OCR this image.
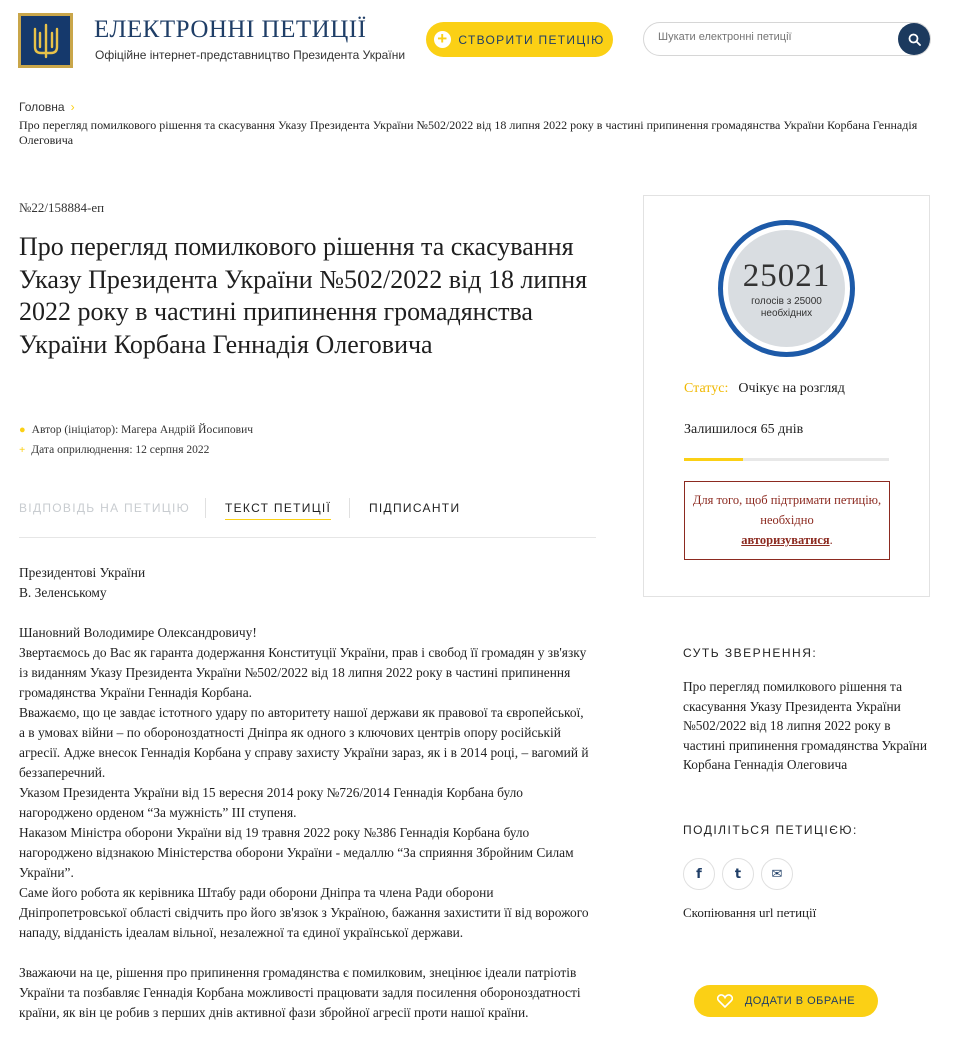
ЕЛЕКТРОННІ ПЕТИЦІЇ
Офіційне інтернет-представництво Президента України
+ СТВОРИТИ ПЕТИЦІЮ
Шукати електронні петиції
Головна ›
Про перегляд помилкового рішення та скасування Указу Президента України №502/2022 від 18 липня 2022 року в частині припинення громадянства України Корбана Геннадія Олеговича
№22/158884-еп
Про перегляд помилкового рішення та скасування Указу Президента України №502/2022 від 18 липня 2022 року в частині припинення громадянства України Корбана Геннадія Олеговича
● Автор (ініціатор): Магера Андрій Йосипович
+ Дата оприлюднення: 12 серпня 2022
ВІДПОВІДЬ НА ПЕТИЦІЮ	ТЕКСТ ПЕТИЦІЇ	ПІДПИСАНТИ

Президентові України

В. Зеленському

Шановний Володимире Олександровичу!

Звертаємось до Вас як гаранта додержання Конституції України, прав і свобод її громадян у зв'язку із виданням Указу Президента України №502/2022 від 18 липня 2022 року в частині припинення громадянства України Геннадія Корбана.

Вважаємо, що це завдає істотного удару по авторитету нашої держави як правової та європейської, а в умовах війни – по обороноздатності Дніпра як одного з ключових центрів опору російській агресії. Адже внесок Геннадія Корбана у справу захисту України зараз, як і в 2014 році, – вагомий й беззаперечний.

Указом Президента України від 15 вересня 2014 року №726/2014 Геннадія Корбана було нагороджено орденом “За мужність” ІІІ ступеня.

Наказом Міністра оборони України від 19 травня 2022 року №386 Геннадія Корбана було нагороджено відзнакою Міністерства оборони України - медаллю “За сприяння Збройним Силам України”.

Саме його робота як керівника Штабу ради оборони Дніпра та члена Ради оборони Дніпропетровської області свідчить про його зв'язок з Україною, бажання захистити її від ворожого нападу, відданість ідеалам вільної, незалежної та єдиної української держави.

Зважаючи на це, рішення про припинення громадянства є помилковим, знецінює ідеали патріотів України та позбавляє Геннадія Корбана можливості працювати задля посилення обороноздатності країни, як він це робив з перших днів активної фази збройної агресії проти нашої країни.

25021
голосів з 25000 необхідних
Статус: Очікує на розгляд
Залишилося 65 днів
Для того, щоб підтримати петицію, необхідно
авторизуватися.
СУТЬ ЗВЕРНЕННЯ:
Про перегляд помилкового рішення та скасування Указу Президента України №502/2022 від 18 липня 2022 року в частині припинення громадянства України Корбана Геннадія Олеговича
ПОДІЛІТЬСЯ ПЕТИЦІЄЮ:
f	t ✉
Скопіювання url петиції
ДОДАТИ В ОБРАНЕ
